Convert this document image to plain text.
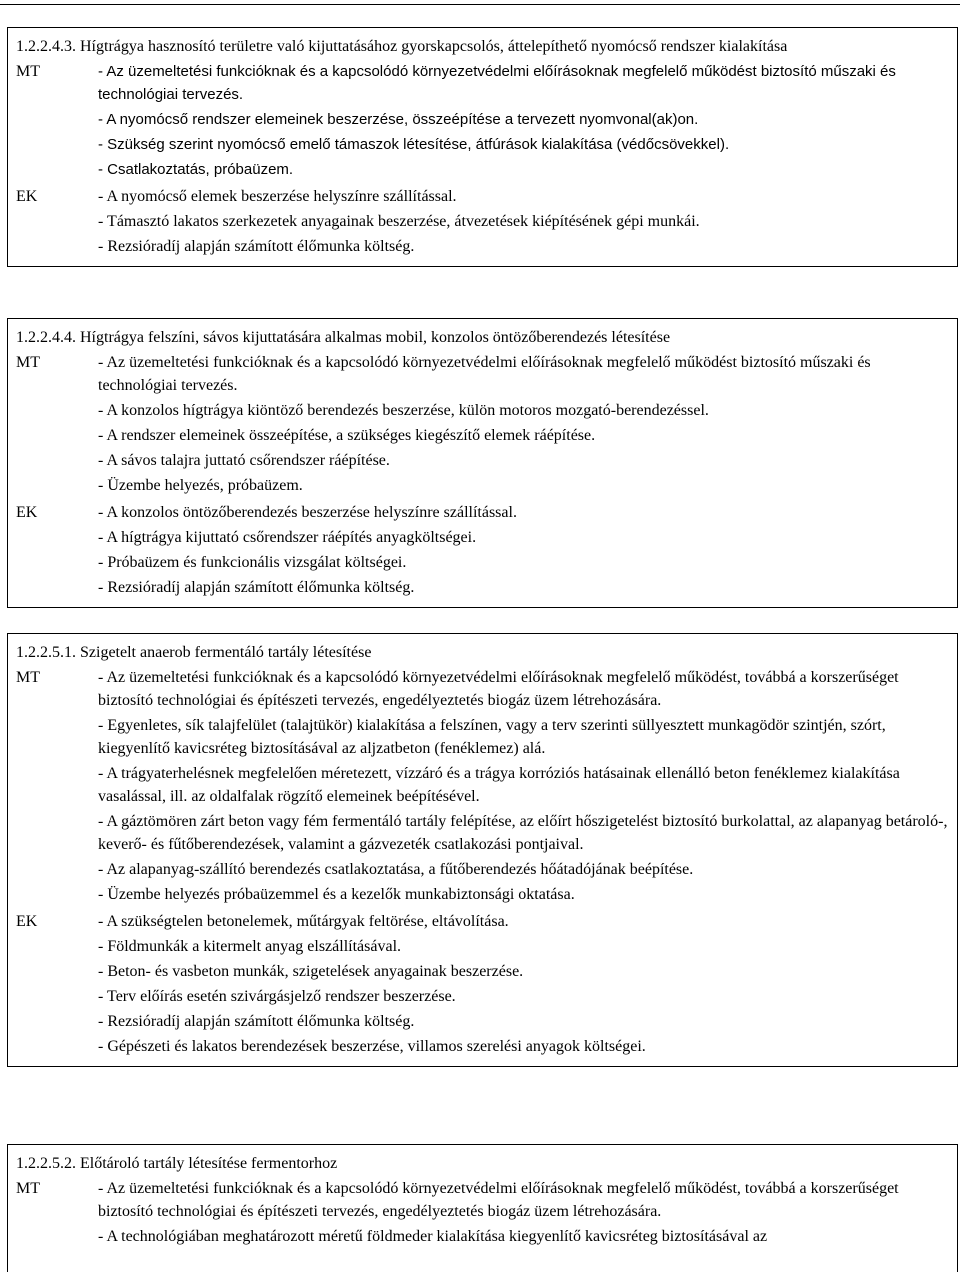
1.2.2.4.3. Hígtrágya hasznosító területre való kijuttatásához gyorskapcsolós, áttelepíthető nyomócső rendszer kialakítása
MT	- Az üzemeltetési funkcióknak és a kapcsolódó környezetvédelmi előírásoknak megfelelő működést biztosító műszaki és technológiai tervezés.
- A nyomócső rendszer elemeinek beszerzése, összeépítése a tervezett nyomvonal(ak)on.
- Szükség szerint nyomócső emelő támaszok létesítése, átfúrások kialakítása (védőcsövekkel).
- Csatlakoztatás, próbaüzem.
EK	- A nyomócső elemek beszerzése helyszínre szállítással.
- Támasztó lakatos szerkezetek anyagainak beszerzése, átvezetések kiépítésének gépi munkái.
- Rezsióradíj alapján számított élőmunka költség.
1.2.2.4.4. Hígtrágya felszíni, sávos kijuttatására alkalmas mobil, konzolos öntözőberendezés létesítése
MT	- Az üzemeltetési funkcióknak és a kapcsolódó környezetvédelmi előírásoknak megfelelő működést biztosító műszaki és technológiai tervezés.
- A konzolos hígtrágya kiöntöző berendezés beszerzése, külön motoros mozgató-berendezéssel.
- A rendszer elemeinek összeépítése, a szükséges kiegészítő elemek ráépítése.
- A sávos talajra juttató csőrendszer ráépítése.
- Üzembe helyezés, próbaüzem.
EK	- A konzolos öntözőberendezés beszerzése helyszínre szállítással.
- A hígtrágya kijuttató csőrendszer ráépítés anyagköltségei.
- Próbaüzem és funkcionális vizsgálat költségei.
- Rezsióradíj alapján számított élőmunka költség.
1.2.2.5.1. Szigetelt anaerob fermentáló tartály létesítése
MT	- Az üzemeltetési funkcióknak és a kapcsolódó környezetvédelmi előírásoknak megfelelő működést, továbbá a korszerűséget biztosító technológiai és építészeti tervezés, engedélyeztetés biogáz üzem létrehozására.
- Egyenletes, sík talajfelület (talajtükör) kialakítása a felszínen, vagy a terv szerinti süllyesztett munkagödör szintjén, szórt, kiegyenlítő kavicsréteg biztosításával az aljzatbeton (fenéklemez) alá.
- A trágyaterhelésnek megfelelően méretezett, vízzáró és a trágya korróziós hatásainak ellenálló beton fenéklemez kialakítása vasalással, ill. az oldalfalak rögzítő elemeinek beépítésével.
- A gáztömören zárt beton vagy fém fermentáló tartály felépítése, az előírt hőszigetelést biztosító burkolattal, az alapanyag betároló-, keverő- és fűtőberendezések, valamint a gázvezeték csatlakozási pontjaival.
- Az alapanyag-szállító berendezés csatlakoztatása, a fűtőberendezés hőátadójának beépítése.
- Üzembe helyezés próbaüzemmel és a kezelők munkabiztonsági oktatása.
EK	- A szükségtelen betonelemek, műtárgyak feltörése, eltávolítása.
- Földmunkák a kitermelt anyag elszállításával.
- Beton- és vasbeton munkák, szigetelések anyagainak beszerzése.
- Terv előírás esetén szivárgásjelző rendszer beszerzése.
- Rezsióradíj alapján számított élőmunka költség.
- Gépészeti és lakatos berendezések beszerzése, villamos szerelési anyagok költségei.
1.2.2.5.2. Előtároló tartály létesítése fermentorhoz
MT	- Az üzemeltetési funkcióknak és a kapcsolódó környezetvédelmi előírásoknak megfelelő működést, továbbá a korszerűséget biztosító technológiai és építészeti tervezés, engedélyeztetés biogáz üzem létrehozására.
- A technológiában meghatározott méretű földmeder kialakítása kiegyenlítő kavicsréteg biztosításával az
